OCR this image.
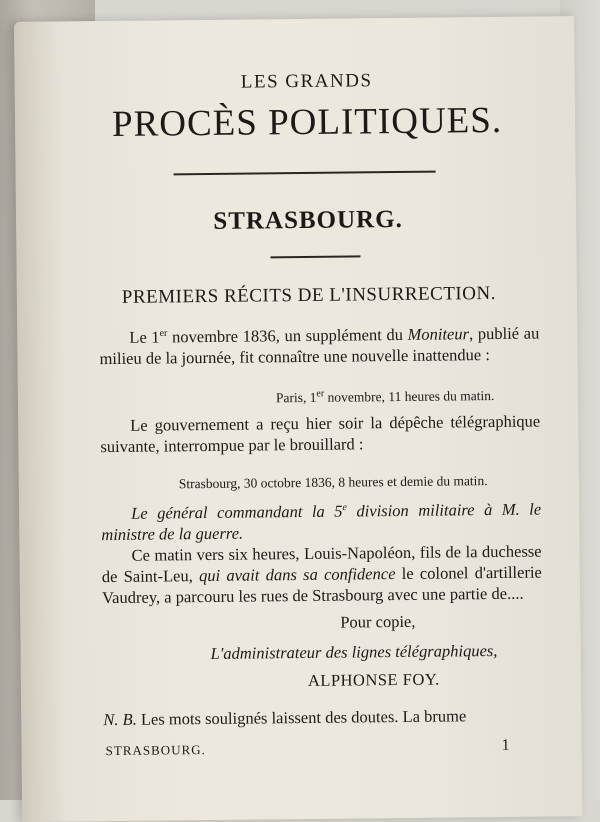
LES GRANDS
PROCÈS POLITIQUES.
STRASBOURG.
PREMIERS RÉCITS DE L'INSURRECTION.
Le 1er novembre 1836, un supplément du Moniteur, publié au milieu de la journée, fit connaître une nouvelle inattendue :
Paris, 1er novembre, 11 heures du matin.
Le gouvernement a reçu hier soir la dépêche télégraphique suivante, interrompue par le brouillard :
Strasbourg, 30 octobre 1836, 8 heures et demie du matin.
Le général commandant la 5e division militaire à M. le ministre de la guerre.
Ce matin vers six heures, Louis-Napoléon, fils de la duchesse de Saint-Leu, qui avait dans sa confidence le colonel d'artillerie Vaudrey, a parcouru les rues de Strasbourg avec une partie de....
Pour copie,
L'administrateur des lignes télégraphiques,
ALPHONSE FOY.
N. B. Les mots soulignés laissent des doutes. La brume
STRASBOURG.	1
